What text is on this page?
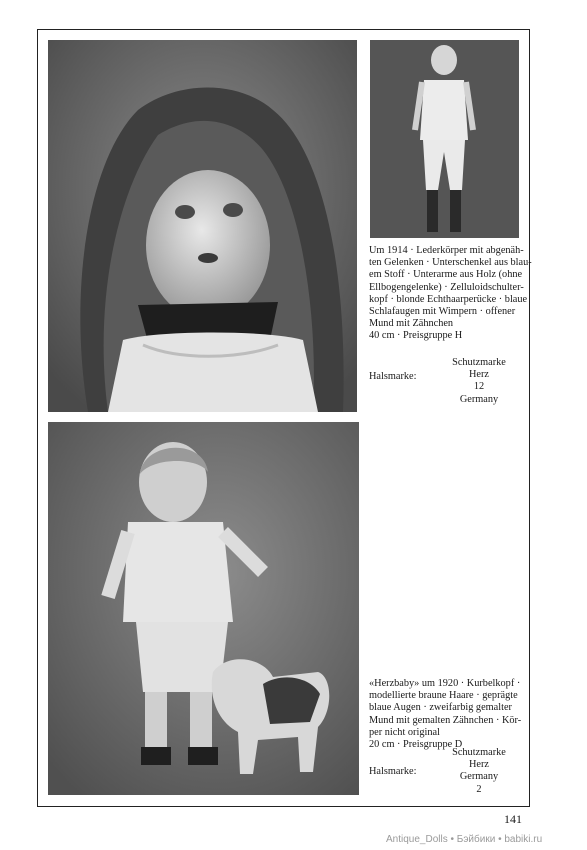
Um 1914 · Lederkörper mit abgenäh-
ten Gelenken · Unterschenkel aus blau-
em Stoff · Unterarme aus Holz (ohne
Ellbogengelenke) · Zelluloidschulter-
kopf · blonde Echthaarperücke · blaue
Schlafaugen mit Wimpern · offener
Mund mit Zähnchen
40 cm · Preisgruppe H
Halsmarke:
Schutzmarke
Herz
12
Germany
«Herzbaby» um 1920 · Kurbelkopf ·
modellierte braune Haare · geprägte
blaue Augen · zweifarbig gemalter
Mund mit gemalten Zähnchen · Kör-
per nicht original
20 cm · Preisgruppe D
Halsmarke:
Schutzmarke
Herz
Germany
2
141
Antique_Dolls • Бэйбики • babiki.ru
